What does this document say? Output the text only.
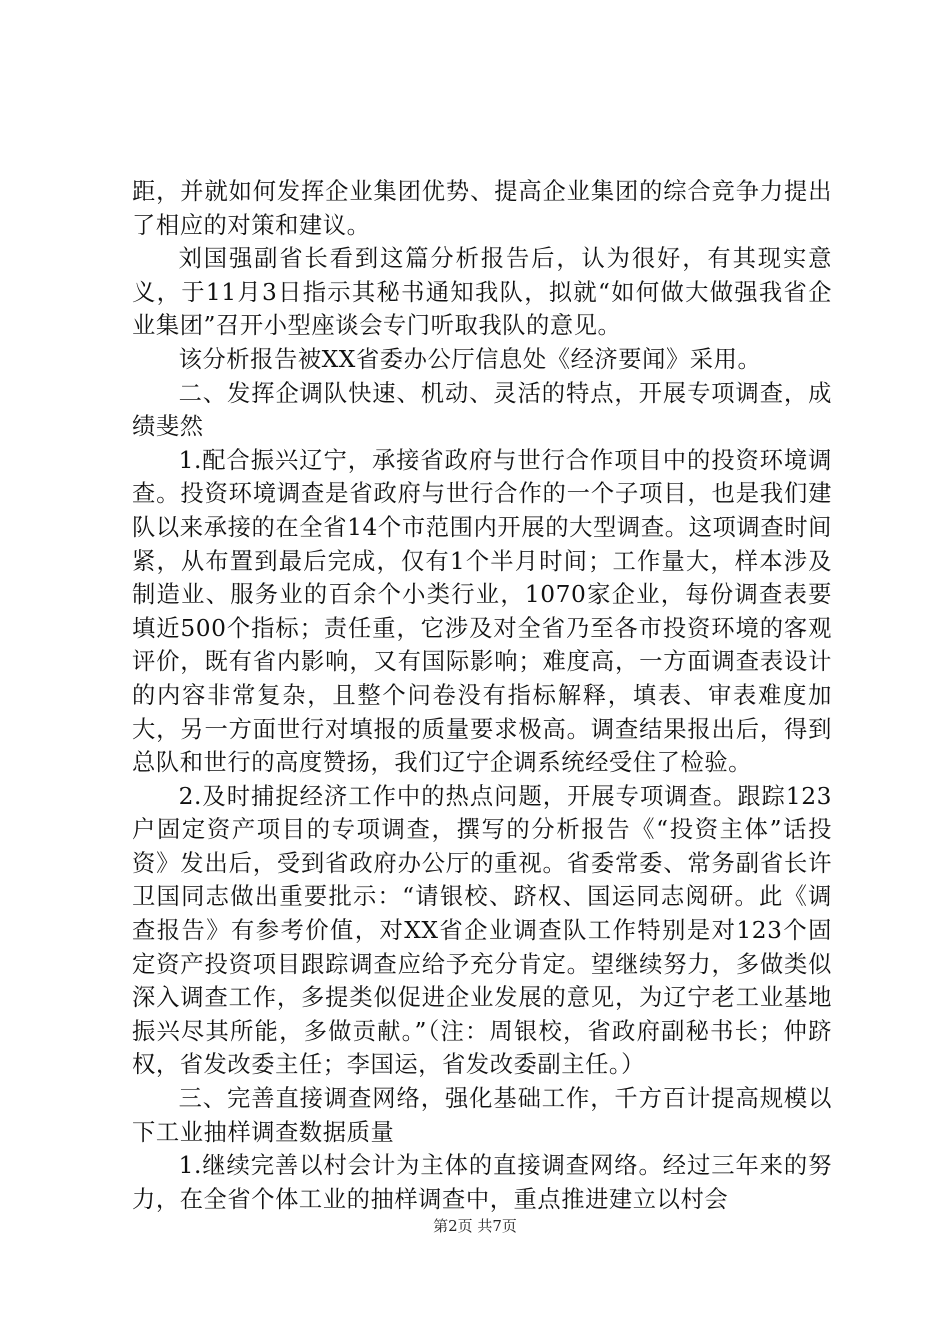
距，并就如何发挥企业集团优势、提高企业集团的综合竞争力提出了相应的对策和建议。

刘国强副省长看到这篇分析报告后，认为很好，有其现实意义，于11月3日指示其秘书通知我队，拟就“如何做大做强我省企业集团”召开小型座谈会专门听取我队的意见。

该分析报告被XX省委办公厅信息处《经济要闻》采用。

二、发挥企调队快速、机动、灵活的特点，开展专项调查，成绩斐然

1.配合振兴辽宁，承接省政府与世行合作项目中的投资环境调查。投资环境调查是省政府与世行合作的一个子项目，也是我们建队以来承接的在全省14个市范围内开展的大型调查。这项调查时间紧，从布置到最后完成，仅有1个半月时间；工作量大，样本涉及制造业、服务业的百余个小类行业，1070家企业，每份调查表要填近500个指标；责任重，它涉及对全省乃至各市投资环境的客观评价，既有省内影响，又有国际影响；难度高，一方面调查表设计的内容非常复杂，且整个问卷没有指标解释，填表、审表难度加大，另一方面世行对填报的质量要求极高。调查结果报出后，得到总队和世行的高度赞扬，我们辽宁企调系统经受住了检验。

2.及时捕捉经济工作中的热点问题，开展专项调查。跟踪123户固定资产项目的专项调查，撰写的分析报告《“投资主体”话投资》发出后，受到省政府办公厅的重视。省委常委、常务副省长许卫国同志做出重要批示：“请银校、跻权、国运同志阅研。此《调查报告》有参考价值，对XX省企业调查队工作特别是对123个固定资产投资项目跟踪调查应给予充分肯定。望继续努力，多做类似深入调查工作，多提类似促进企业发展的意见，为辽宁老工业基地振兴尽其所能，多做贡献。”（注：周银校，省政府副秘书长；仲跻权，省发改委主任；李国运，省发改委副主任。）

三、完善直接调查网络，强化基础工作，千方百计提高规模以下工业抽样调查数据质量

1.继续完善以村会计为主体的直接调查网络。经过三年来的努力，在全省个体工业的抽样调查中，重点推进建立以村会

第2页 共7页
